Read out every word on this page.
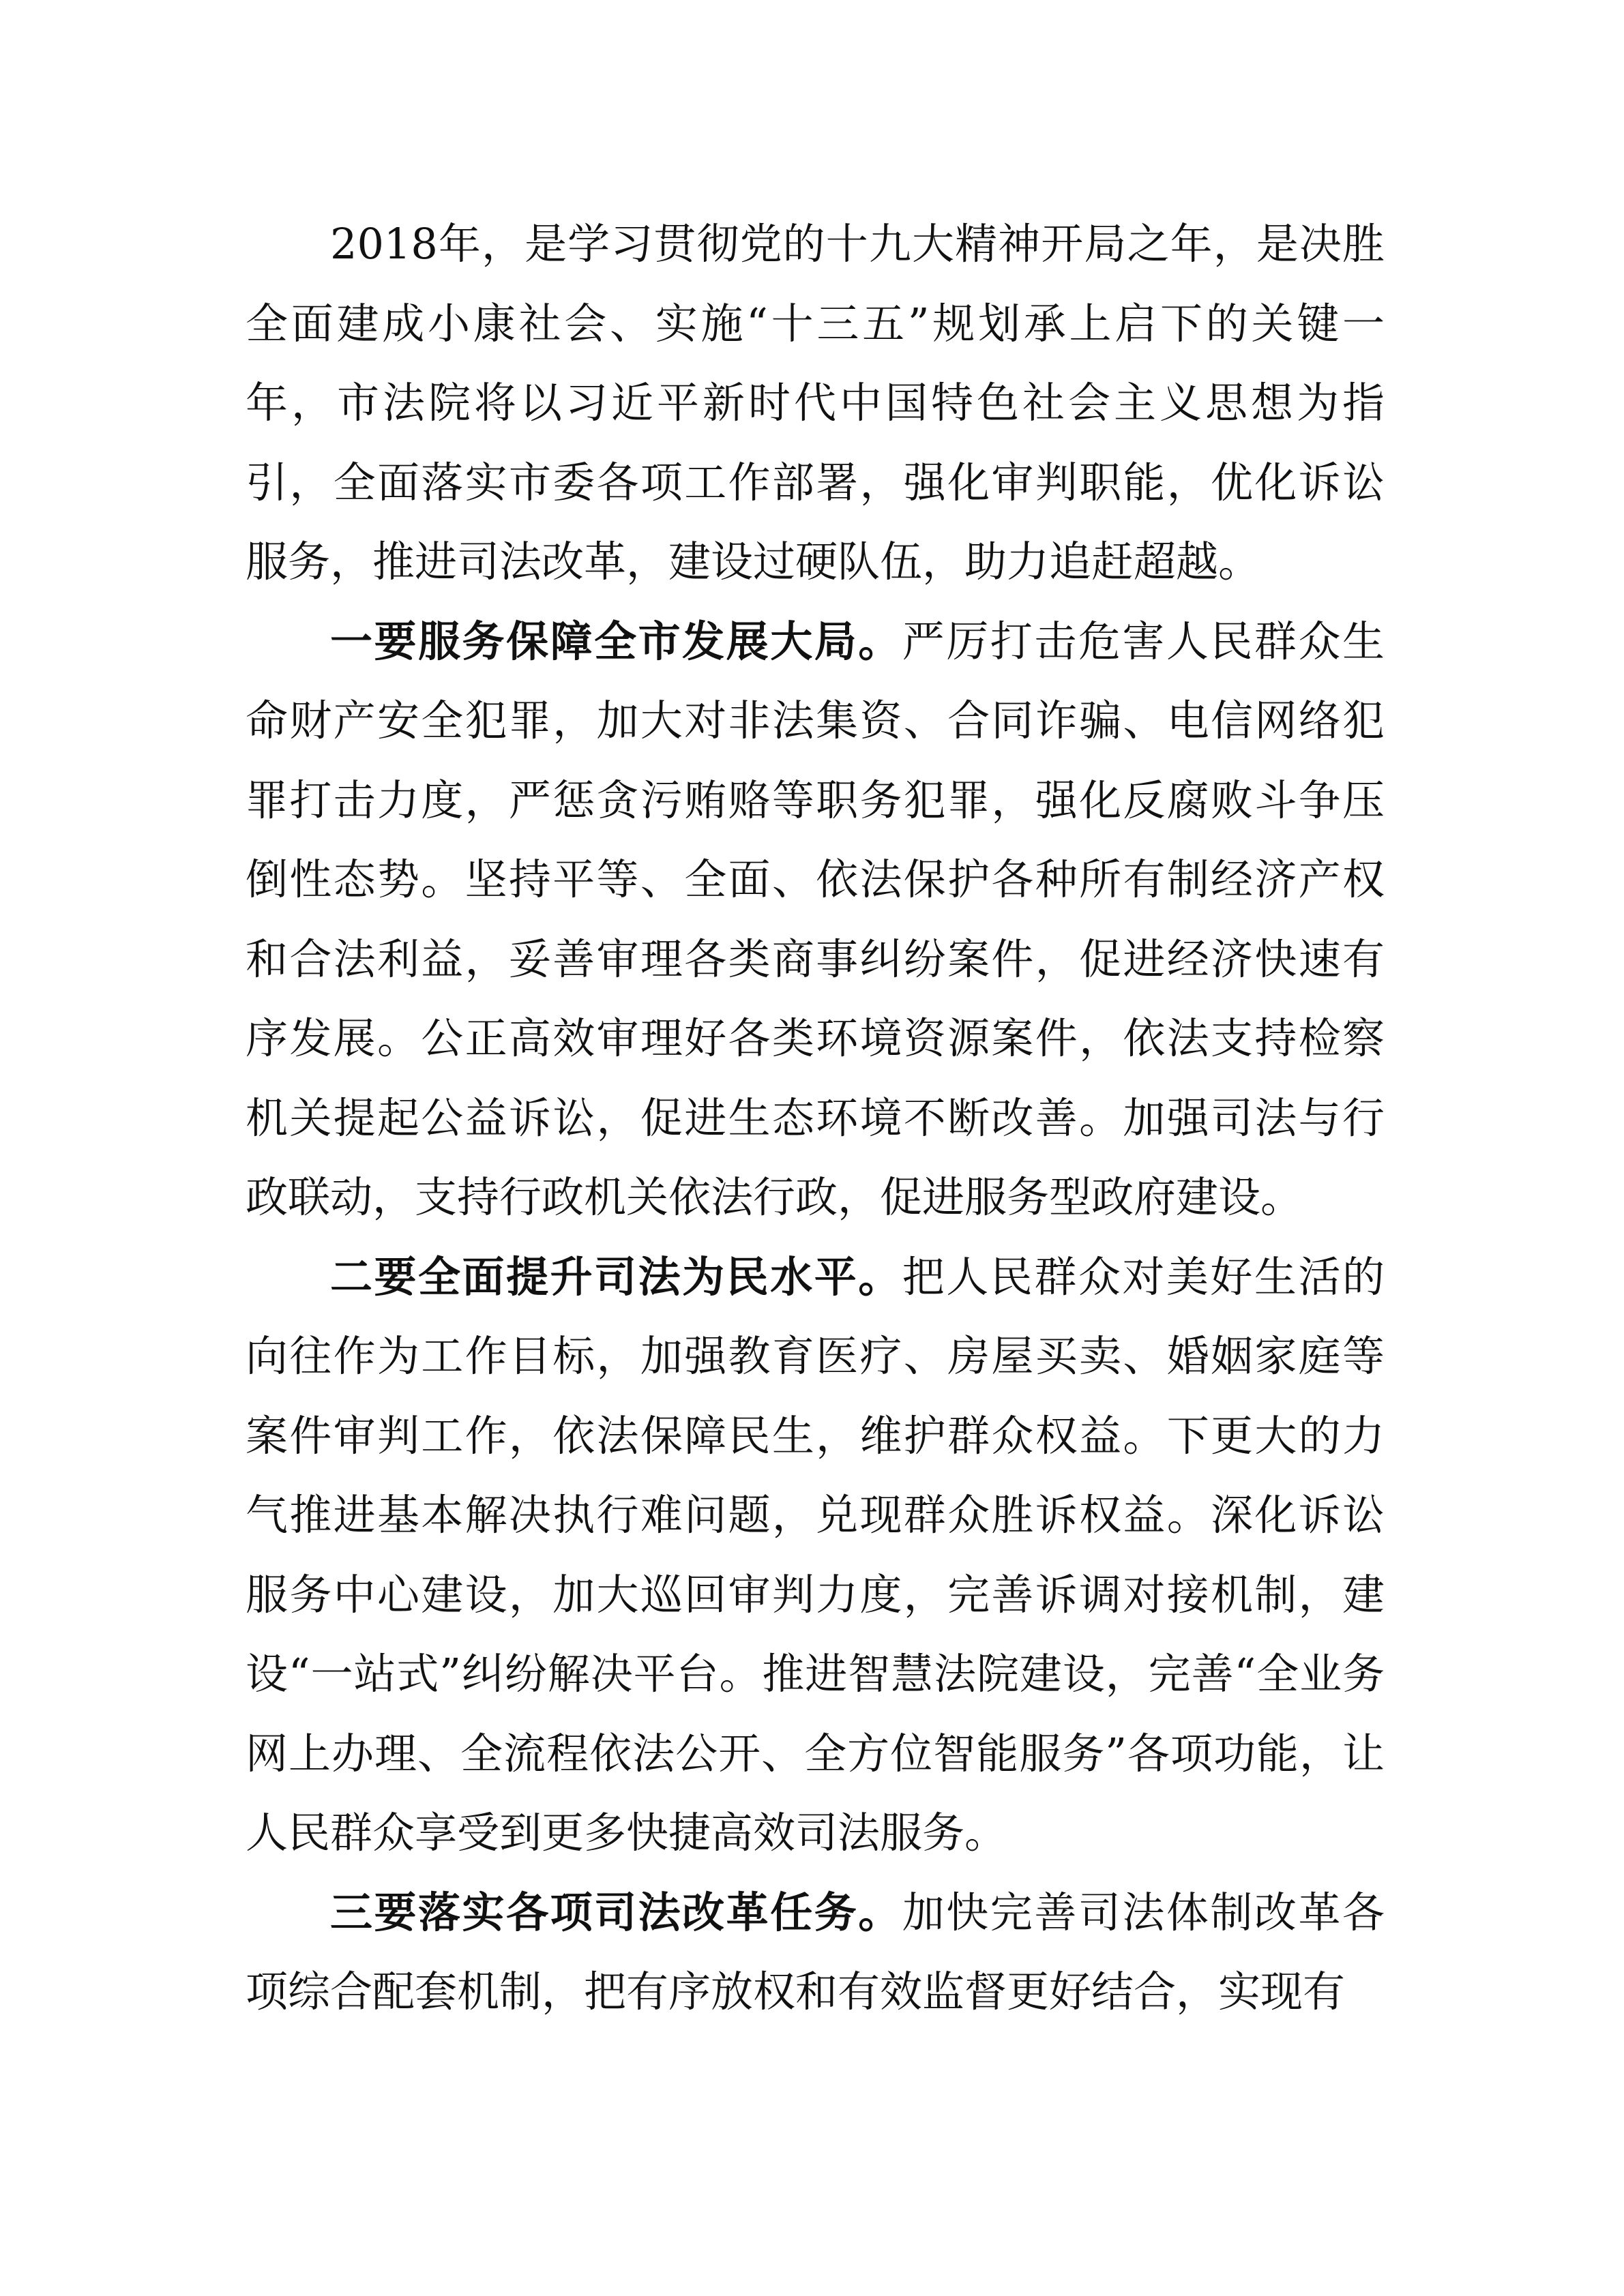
2018年，是学习贯彻党的十九大精神开局之年，是决胜全面建成小康社会、实施“十三五”规划承上启下的关键一年，市法院将以习近平新时代中国特色社会主义思想为指引，全面落实市委各项工作部署，强化审判职能，优化诉讼服务，推进司法改革，建设过硬队伍，助力追赶超越。

一要服务保障全市发展大局。严厉打击危害人民群众生命财产安全犯罪，加大对非法集资、合同诈骗、电信网络犯罪打击力度，严惩贪污贿赂等职务犯罪，强化反腐败斗争压倒性态势。坚持平等、全面、依法保护各种所有制经济产权和合法利益，妥善审理各类商事纠纷案件，促进经济快速有序发展。公正高效审理好各类环境资源案件，依法支持检察机关提起公益诉讼，促进生态环境不断改善。加强司法与行政联动，支持行政机关依法行政，促进服务型政府建设。

二要全面提升司法为民水平。把人民群众对美好生活的向往作为工作目标，加强教育医疗、房屋买卖、婚姻家庭等案件审判工作，依法保障民生，维护群众权益。下更大的力气推进基本解决执行难问题，兑现群众胜诉权益。深化诉讼服务中心建设，加大巡回审判力度，完善诉调对接机制，建设“一站式”纠纷解决平台。推进智慧法院建设，完善“全业务网上办理、全流程依法公开、全方位智能服务”各项功能，让人民群众享受到更多快捷高效司法服务。

三要落实各项司法改革任务。加快完善司法体制改革各项综合配套机制，把有序放权和有效监督更好结合，实现有
